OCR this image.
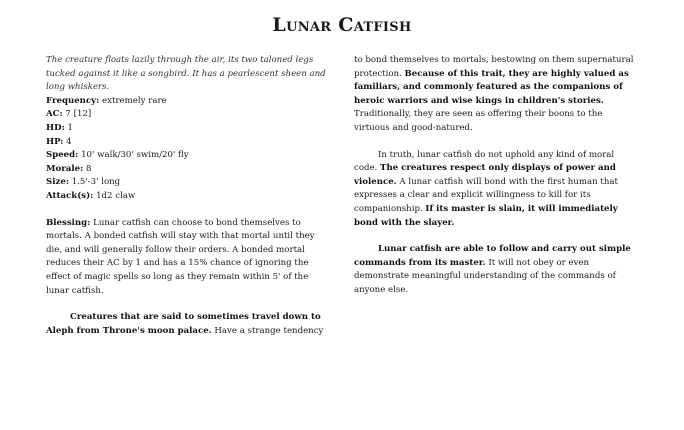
Lunar Catfish

The creature floats lazily through the air, its two taloned legs tucked against it like a songbird. It has a pearlescent sheen and long whiskers.

Frequency: extremely rare

AC: 7 [12]

HD: 1

HP: 4

Speed: 10' walk/30' swim/20' fly

Morale: 8

Size: 1.5'-3' long

Attack(s): 1d2 claw

Blessing: Lunar catfish can choose to bond themselves to mortals. A bonded catfish will stay with that mortal until they die, and will generally follow their orders. A bonded mortal reduces their AC by 1 and has a 15% chance of ignoring the effect of magic spells so long as they remain within 5' of the lunar catfish.

Creatures that are said to sometimes travel down to Aleph from Throne's moon palace. Have a strange tendency

to bond themselves to mortals, bestowing on them supernatural protection. Because of this trait, they are highly valued as familiars, and commonly featured as the companions of heroic warriors and wise kings in children's stories. Traditionally, they are seen as offering their boons to the virtuous and good-natured.

In truth, lunar catfish do not uphold any kind of moral code. The creatures respect only displays of power and violence. A lunar catfish will bond with the first human that expresses a clear and explicit willingness to kill for its companionship. If its master is slain, it will immediately bond with the slayer.

Lunar catfish are able to follow and carry out simple commands from its master. It will not obey or even demonstrate meaningful understanding of the commands of anyone else.
